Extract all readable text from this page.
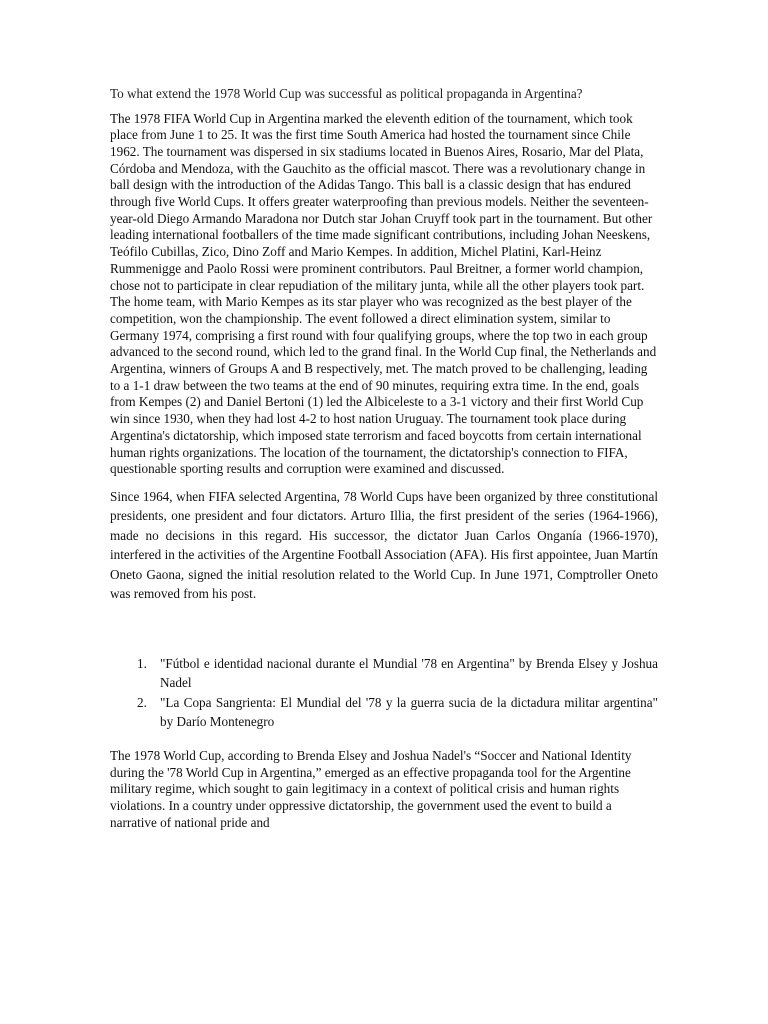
To what extend the 1978 World Cup was successful as political propaganda in Argentina?

The 1978 FIFA World Cup in Argentina marked the eleventh edition of the tournament, which took place from June 1 to 25. It was the first time South America had hosted the tournament since Chile 1962. The tournament was dispersed in six stadiums located in Buenos Aires, Rosario, Mar del Plata, Córdoba and Mendoza, with the Gauchito as the official mascot. There was a revolutionary change in ball design with the introduction of the Adidas Tango. This ball is a classic design that has endured through five World Cups. It offers greater waterproofing than previous models. Neither the seventeen-year-old Diego Armando Maradona nor Dutch star Johan Cruyff took part in the tournament. But other leading international footballers of the time made significant contributions, including Johan Neeskens, Teófilo Cubillas, Zico, Dino Zoff and Mario Kempes. In addition, Michel Platini, Karl-Heinz Rummenigge and Paolo Rossi were prominent contributors. Paul Breitner, a former world champion, chose not to participate in clear repudiation of the military junta, while all the other players took part. The home team, with Mario Kempes as its star player who was recognized as the best player of the competition, won the championship. The event followed a direct elimination system, similar to Germany 1974, comprising a first round with four qualifying groups, where the top two in each group advanced to the second round, which led to the grand final. In the World Cup final, the Netherlands and Argentina, winners of Groups A and B respectively, met. The match proved to be challenging, leading to a 1-1 draw between the two teams at the end of 90 minutes, requiring extra time. In the end, goals from Kempes (2) and Daniel Bertoni (1) led the Albiceleste to a 3-1 victory and their first World Cup win since 1930, when they had lost 4-2 to host nation Uruguay. The tournament took place during Argentina's dictatorship, which imposed state terrorism and faced boycotts from certain international human rights organizations. The location of the tournament, the dictatorship's connection to FIFA, questionable sporting results and corruption were examined and discussed.

Since 1964, when FIFA selected Argentina, 78 World Cups have been organized by three constitutional presidents, one president and four dictators. Arturo Illia, the first president of the series (1964-1966), made no decisions in this regard. His successor, the dictator Juan Carlos Onganía (1966-1970), interfered in the activities of the Argentine Football Association (AFA). His first appointee, Juan Martín Oneto Gaona, signed the initial resolution related to the World Cup. In June 1971, Comptroller Oneto was removed from his post.

1. "Fútbol e identidad nacional durante el Mundial '78 en Argentina" by Brenda Elsey y Joshua Nadel
2. "La Copa Sangrienta: El Mundial del '78 y la guerra sucia de la dictadura militar argentina" by Darío Montenegro

The 1978 World Cup, according to Brenda Elsey and Joshua Nadel's “Soccer and National Identity during the '78 World Cup in Argentina,” emerged as an effective propaganda tool for the Argentine military regime, which sought to gain legitimacy in a context of political crisis and human rights violations. In a country under oppressive dictatorship, the government used the event to build a narrative of national pride and
